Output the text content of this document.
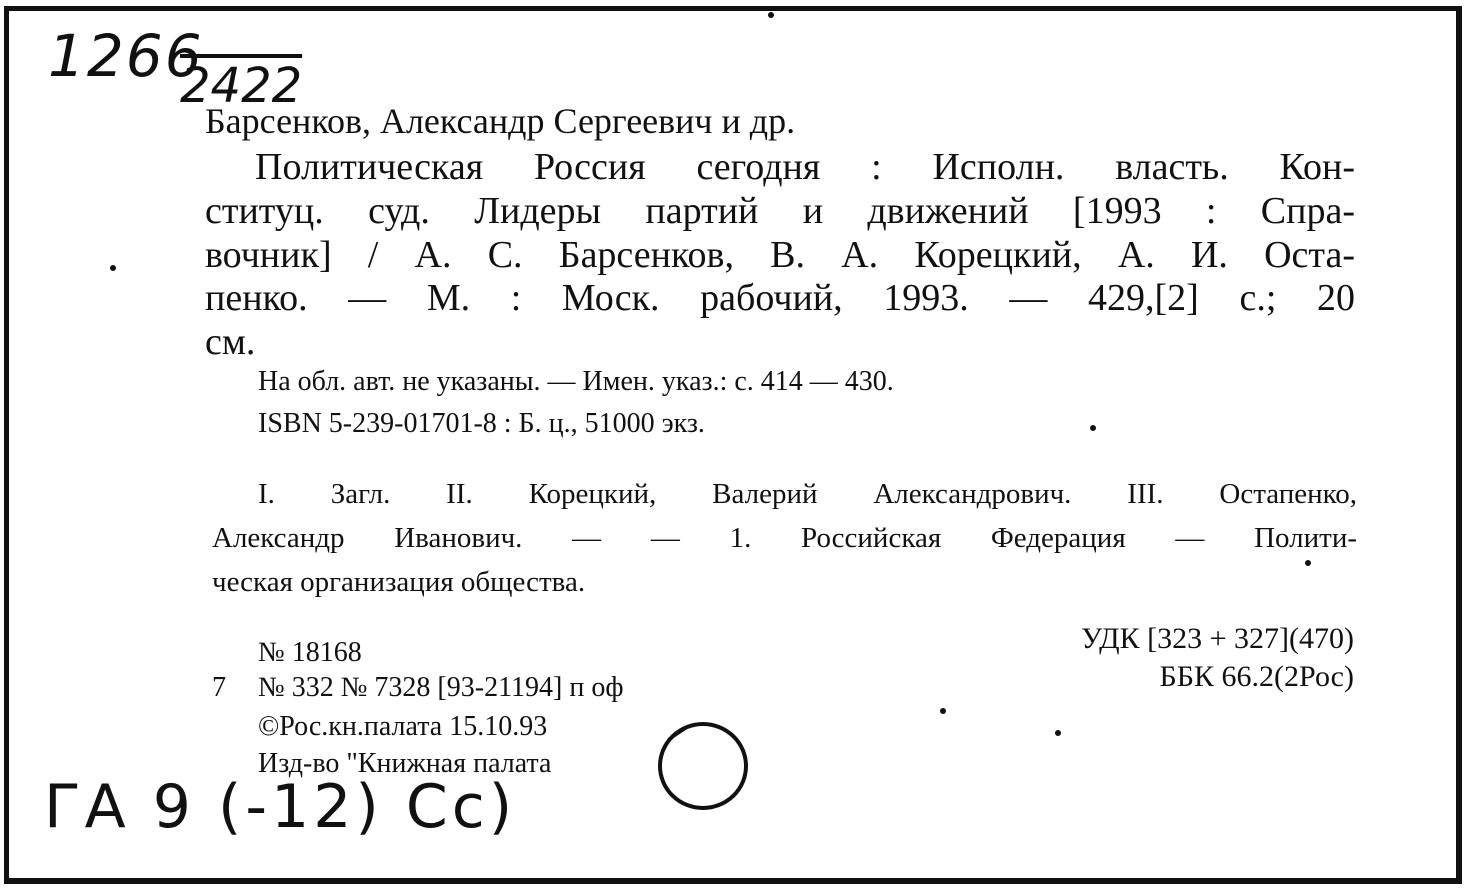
1266
2422
Барсенков, Александр Сергеевич и др.
Политическая Россия сегодня : Исполн. власть. Кон-
ституц. суд. Лидеры партий и движений [1993 : Спра-
вочник] / А. С. Барсенков, В. А. Корецкий, А. И. Оста-
пенко. — М. : Моск. рабочий, 1993. — 429,[2] с.; 20
см.
На обл. авт. не указаны. — Имен. указ.: с. 414 — 430.
ISBN 5-239-01701-8 : Б. ц., 51000 экз.
I. Загл. II. Корецкий, Валерий Александрович. III. Остапенко,
Александр Иванович. — — 1. Российская Федерация — Полити-
ческая организация общества.
№ 18168
7 № 332 № 7328 [93-21194] п оф
©Рос.кн.палата 15.10.93
Изд-во "Книжная палата
УДК [323 + 327](470)
ББК 66.2(2Рос)
ГА 9 (-12) Сс)
